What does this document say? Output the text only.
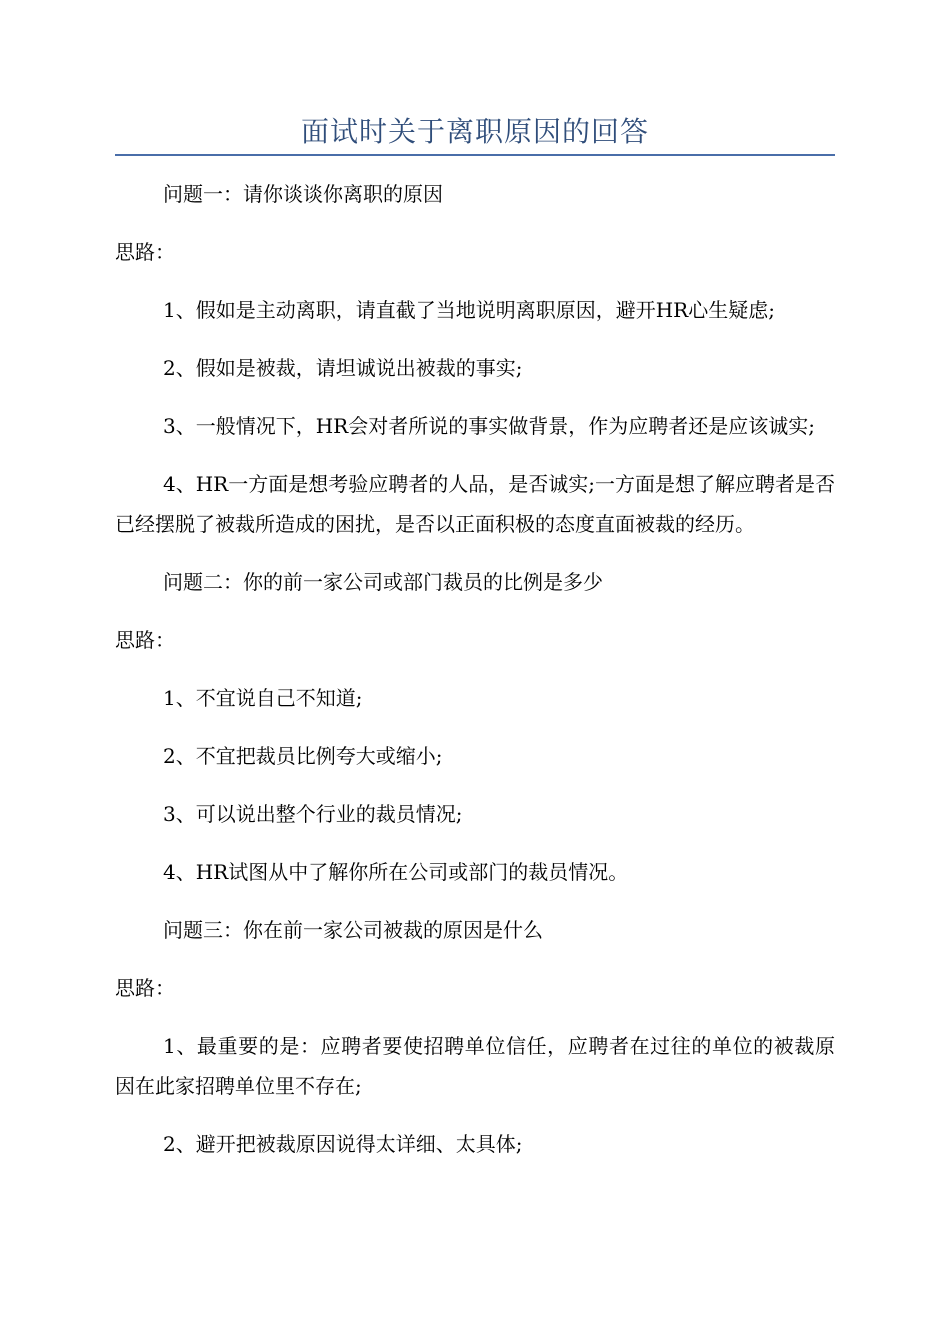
面试时关于离职原因的回答

问题一：请你谈谈你离职的原因

思路：

1、假如是主动离职，请直截了当地说明离职原因，避开HR心生疑虑;

2、假如是被裁，请坦诚说出被裁的事实;

3、一般情况下，HR会对者所说的事实做背景，作为应聘者还是应该诚实;

4、HR一方面是想考验应聘者的人品，是否诚实;一方面是想了解应聘者是否已经摆脱了被裁所造成的困扰，是否以正面积极的态度直面被裁的经历。

问题二：你的前一家公司或部门裁员的比例是多少

思路：

1、不宜说自己不知道;

2、不宜把裁员比例夸大或缩小;

3、可以说出整个行业的裁员情况;

4、HR试图从中了解你所在公司或部门的裁员情况。

问题三：你在前一家公司被裁的原因是什么

思路：

1、最重要的是：应聘者要使招聘单位信任，应聘者在过往的单位的被裁原因在此家招聘单位里不存在;

2、避开把被裁原因说得太详细、太具体;
